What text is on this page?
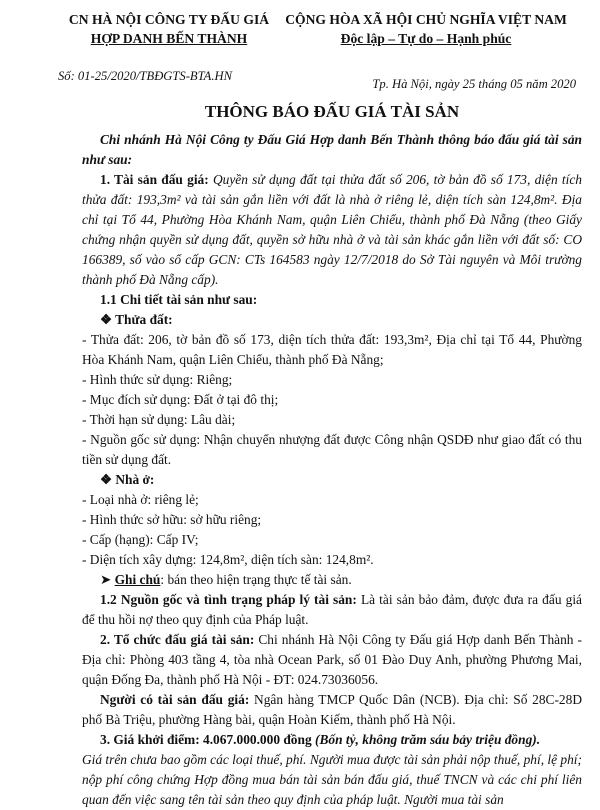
CN HÀ NỘI CÔNG TY ĐẤU GIÁ
HỢP DANH BẾN THÀNH
Số: 01-25/2020/TBĐGTS-BTA.HN
CỘNG HÒA XÃ HỘI CHỦ NGHĨA VIỆT NAM
Độc lập – Tự do – Hạnh phúc
Tp. Hà Nội, ngày 25 tháng 05 năm 2020
THÔNG BÁO ĐẤU GIÁ TÀI SẢN

Chi nhánh Hà Nội Công ty Đấu Giá Hợp danh Bến Thành thông báo đấu giá tài sản như sau:

1. Tài sản đấu giá: Quyền sử dụng đất tại thửa đất số 206, tờ bản đồ số 173, diện tích thửa đất: 193,3m² và tài sản gắn liền với đất là nhà ở riêng lẻ, diện tích sàn 124,8m². Địa chỉ tại Tổ 44, Phường Hòa Khánh Nam, quận Liên Chiểu, thành phố Đà Nẵng (theo Giấy chứng nhận quyền sử dụng đất, quyền sở hữu nhà ở và tài sản khác gắn liền với đất số: CO 166389, số vào sổ cấp GCN: CTs 164583 ngày 12/7/2018 do Sở Tài nguyên và Môi trường thành phố Đà Nẵng cấp).

1.1 Chi tiết tài sản như sau:

❖ Thửa đất:

- Thửa đất: 206, tờ bản đồ số 173, diện tích thửa đất: 193,3m², Địa chỉ tại Tổ 44, Phường Hòa Khánh Nam, quận Liên Chiểu, thành phố Đà Nẵng;

- Hình thức sử dụng: Riêng;

- Mục đích sử dụng: Đất ở tại đô thị;

- Thời hạn sử dụng: Lâu dài;

- Nguồn gốc sử dụng: Nhận chuyển nhượng đất được Công nhận QSDĐ như giao đất có thu tiền sử dụng đất.

❖ Nhà ở:

- Loại nhà ở: riêng lẻ;

- Hình thức sở hữu: sở hữu riêng;

- Cấp (hạng): Cấp IV;

- Diện tích xây dựng: 124,8m², diện tích sàn: 124,8m².

➤ Ghi chú: bán theo hiện trạng thực tế tài sản.

1.2 Nguồn gốc và tình trạng pháp lý tài sản: Là tài sản bảo đảm, được đưa ra đấu giá để thu hồi nợ theo quy định của Pháp luật.

2. Tổ chức đấu giá tài sản: Chi nhánh Hà Nội Công ty Đấu giá Hợp danh Bến Thành - Địa chỉ: Phòng 403 tầng 4, tòa nhà Ocean Park, số 01 Đào Duy Anh, phường Phương Mai, quận Đống Đa, thành phố Hà Nội - ĐT: 024.73036056.

Người có tài sản đấu giá: Ngân hàng TMCP Quốc Dân (NCB). Địa chỉ: Số 28C-28D phố Bà Triệu, phường Hàng bài, quận Hoàn Kiếm, thành phố Hà Nội.

3. Giá khởi điểm: 4.067.000.000 đồng (Bốn tỷ, không trăm sáu bảy triệu đồng).

Giá trên chưa bao gồm các loại thuế, phí. Người mua được tài sản phải nộp thuế, phí, lệ phí; nộp phí công chứng Hợp đồng mua bán tài sản bán đấu giá, thuế TNCN và các chi phí liên quan đến việc sang tên tài sản theo quy định của pháp luật. Người mua tài sản
